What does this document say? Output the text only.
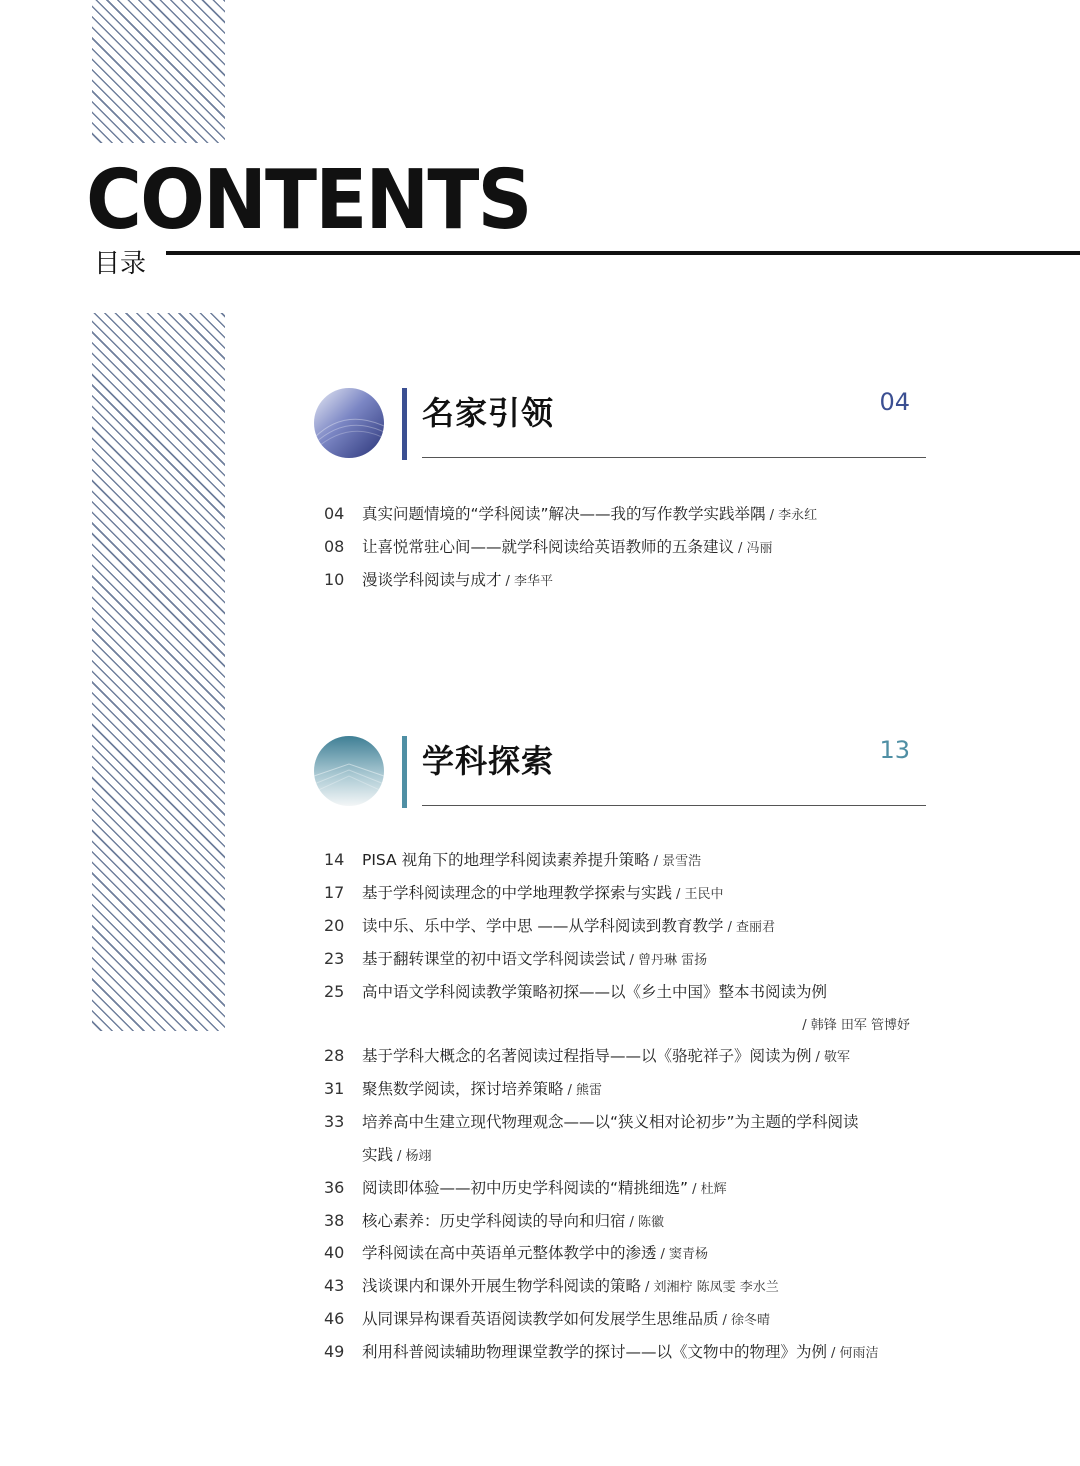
CONTENTS
目录
名家引领	04
04	真实问题情境的“学科阅读”解决——我的写作教学实践举隅 / 李永红
08	让喜悦常驻心间——就学科阅读给英语教师的五条建议 / 冯丽
10	漫谈学科阅读与成才 / 李华平
学科探索	13
14	PISA 视角下的地理学科阅读素养提升策略 / 景雪浩
17	基于学科阅读理念的中学地理教学探索与实践 / 王民中
20	读中乐、乐中学、学中思 ——从学科阅读到教育教学 / 查丽君
23	基于翻转课堂的初中语文学科阅读尝试 / 曾丹琳 雷扬
25	高中语文学科阅读教学策略初探——以《乡土中国》整本书阅读为例
/ 韩锋 田军 管博妤
28	基于学科大概念的名著阅读过程指导——以《骆驼祥子》阅读为例 / 敬军
31	聚焦数学阅读，探讨培养策略 / 熊雷
33	培养高中生建立现代物理观念——以“狭义相对论初步”为主题的学科阅读
实践 / 杨翊
36	阅读即体验——初中历史学科阅读的“精挑细选” / 杜辉
38	核心素养：历史学科阅读的导向和归宿 / 陈徽
40	学科阅读在高中英语单元整体教学中的渗透 / 窦青杨
43	浅谈课内和课外开展生物学科阅读的策略 / 刘湘柠 陈凤雯 李水兰
46	从同课异构课看英语阅读教学如何发展学生思维品质 / 徐冬晴
49	利用科普阅读辅助物理课堂教学的探讨——以《文物中的物理》为例 / 何雨洁
